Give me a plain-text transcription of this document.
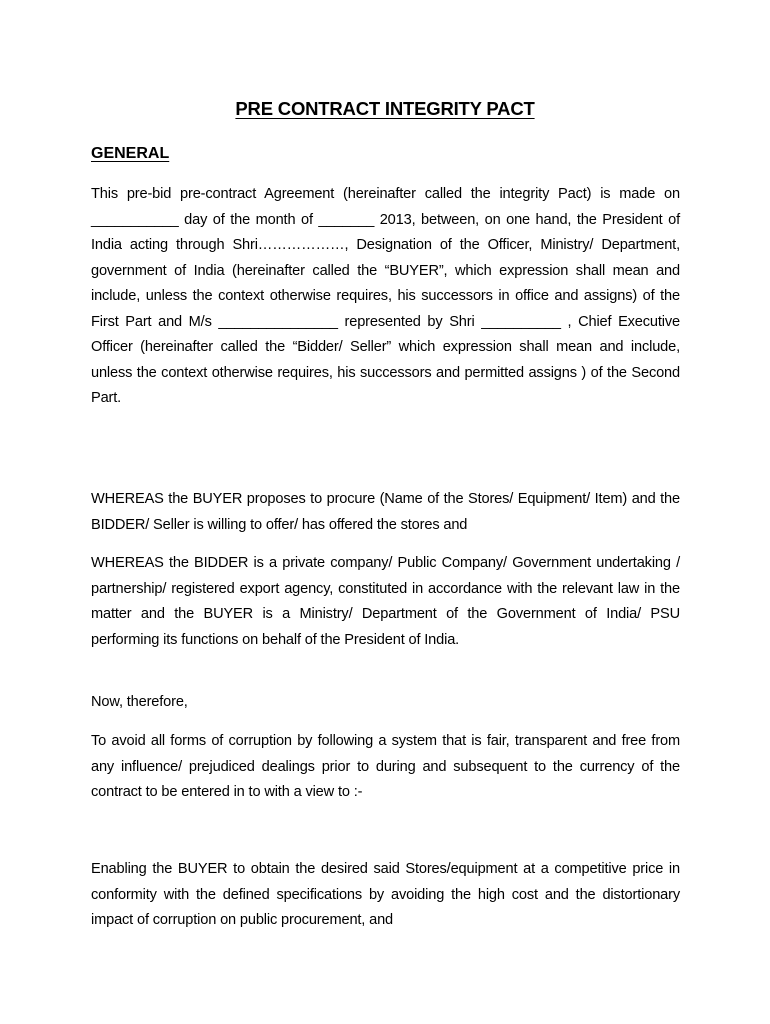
PRE CONTRACT INTEGRITY PACT
GENERAL

This pre-bid pre-contract Agreement (hereinafter called the integrity Pact) is made on ___________ day of the month of _______ 2013, between, on one hand, the President of India acting through Shri………………, Designation of the Officer, Ministry/ Department, government of India (hereinafter called the “BUYER”, which expression shall mean and include, unless the context otherwise requires, his successors in office and assigns) of the First Part and M/s _______________ represented by Shri __________ , Chief Executive Officer (hereinafter called the “Bidder/ Seller” which expression shall mean and include, unless the context otherwise requires, his successors and permitted assigns ) of the Second Part.

WHEREAS the BUYER proposes to procure (Name of the Stores/ Equipment/ Item) and the BIDDER/ Seller is willing to offer/ has offered the stores and

WHEREAS the BIDDER is a private company/ Public Company/ Government undertaking / partnership/ registered export agency, constituted in accordance with the relevant law in the matter and the BUYER is a Ministry/ Department of the Government of India/ PSU performing its functions on behalf of the President of India.

Now, therefore,

To avoid all forms of corruption by following a system that is fair, transparent and free from any influence/ prejudiced dealings prior to during and subsequent to the currency of the contract to be entered in to with a view to :-

Enabling the BUYER to obtain the desired said Stores/equipment at a competitive price in conformity with the defined specifications by avoiding the high cost and the distortionary impact of corruption on public procurement, and
